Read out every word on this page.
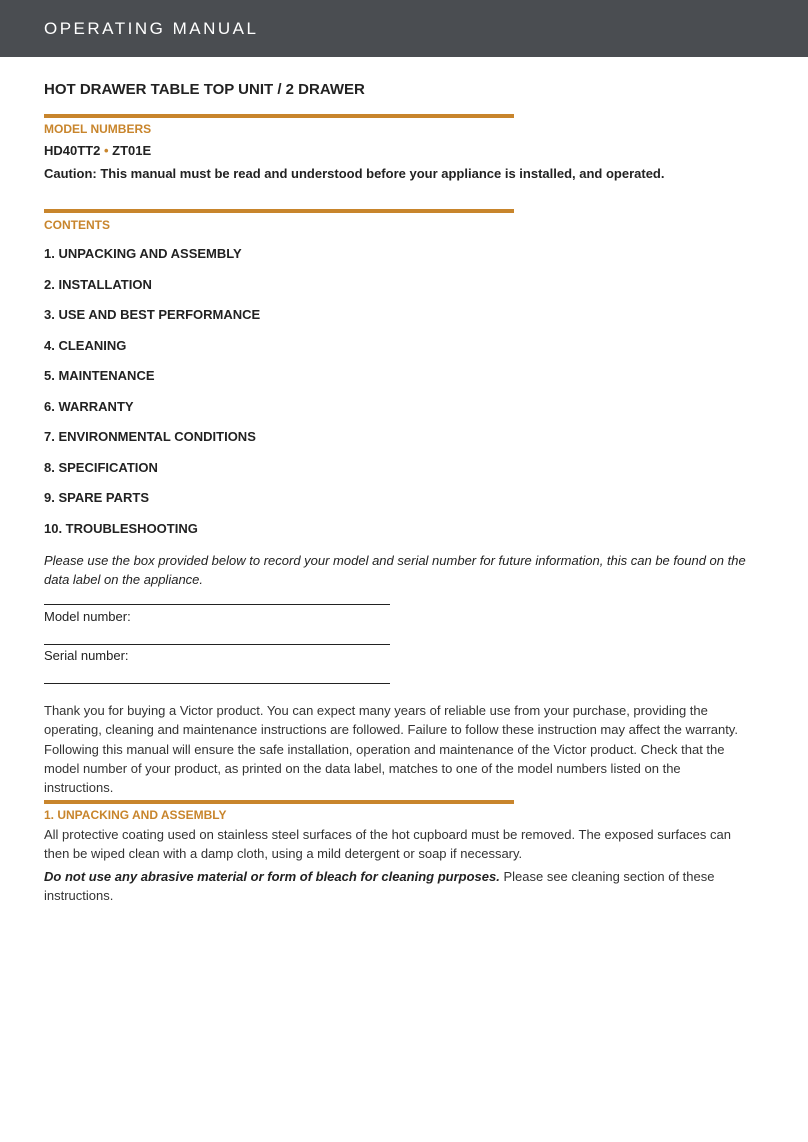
OPERATING MANUAL
HOT DRAWER TABLE TOP UNIT / 2 DRAWER
MODEL NUMBERS
HD40TT2 • ZT01E
Caution: This manual must be read and understood before your appliance is installed, and operated.
CONTENTS
1. UNPACKING AND ASSEMBLY
2. INSTALLATION
3. USE AND BEST PERFORMANCE
4. CLEANING
5. MAINTENANCE
6. WARRANTY
7. ENVIRONMENTAL CONDITIONS
8. SPECIFICATION
9. SPARE PARTS
10. TROUBLESHOOTING
Please use the box provided below to record your model and serial number for future information, this can be found on the data label on the appliance.
Model number:
Serial number:
Thank you for buying a Victor product. You can expect many years of reliable use from your purchase, providing the operating, cleaning and maintenance instructions are followed. Failure to follow these instruction may affect the warranty.
Following this manual will ensure the safe installation, operation and maintenance of the Victor product. Check that the model number of your product, as printed on the data label, matches to one of the model numbers listed on the instructions.
1. UNPACKING AND ASSEMBLY
All protective coating used on stainless steel surfaces of the hot cupboard must be removed. The exposed surfaces can then be wiped clean with a damp cloth, using a mild detergent or soap if necessary.
Do not use any abrasive material or form of bleach for cleaning purposes. Please see cleaning section of these instructions.
